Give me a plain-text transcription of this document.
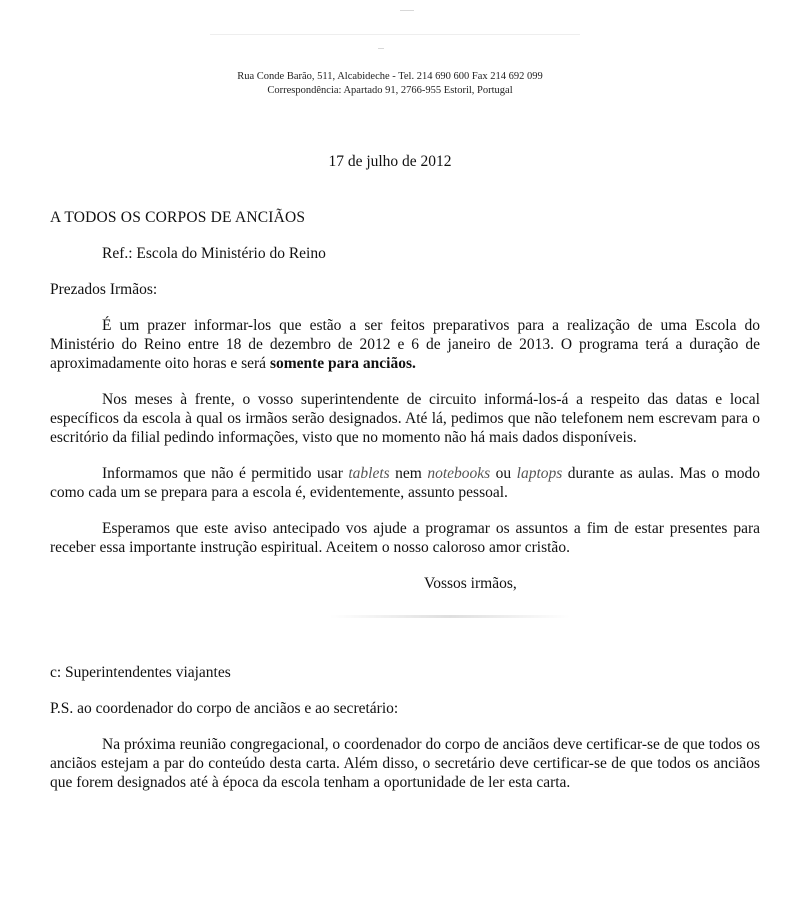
Rua Conde Barão, 511, Alcabideche - Tel. 214 690 600 Fax 214 692 099
Correspondência: Apartado 91, 2766-955 Estoril, Portugal
17 de julho de 2012

A TODOS OS CORPOS DE ANCIÃOS

Ref.: Escola do Ministério do Reino

Prezados Irmãos:

É um prazer informar-los que estão a ser feitos preparativos para a realização de uma Escola do Ministério do Reino entre 18 de dezembro de 2012 e 6 de janeiro de 2013. O programa terá a duração de aproximadamente oito horas e será somente para anciãos.

Nos meses à frente, o vosso superintendente de circuito informá-los-á a respeito das datas e local específicos da escola à qual os irmãos serão designados. Até lá, pedimos que não telefonem nem escrevam para o escritório da filial pedindo informações, visto que no momento não há mais dados disponíveis.

Informamos que não é permitido usar tablets nem notebooks ou laptops durante as aulas. Mas o modo como cada um se prepara para a escola é, evidentemente, assunto pessoal.

Esperamos que este aviso antecipado vos ajude a programar os assuntos a fim de estar presentes para receber essa importante instrução espiritual. Aceitem o nosso caloroso amor cristão.

Vossos irmãos,

c: Superintendentes viajantes

P.S. ao coordenador do corpo de anciãos e ao secretário:

Na próxima reunião congregacional, o coordenador do corpo de anciãos deve certificar-se de que todos os anciãos estejam a par do conteúdo desta carta. Além disso, o secretário deve certificar-se de que todos os anciãos que forem designados até à época da escola tenham a oportunidade de ler esta carta.
